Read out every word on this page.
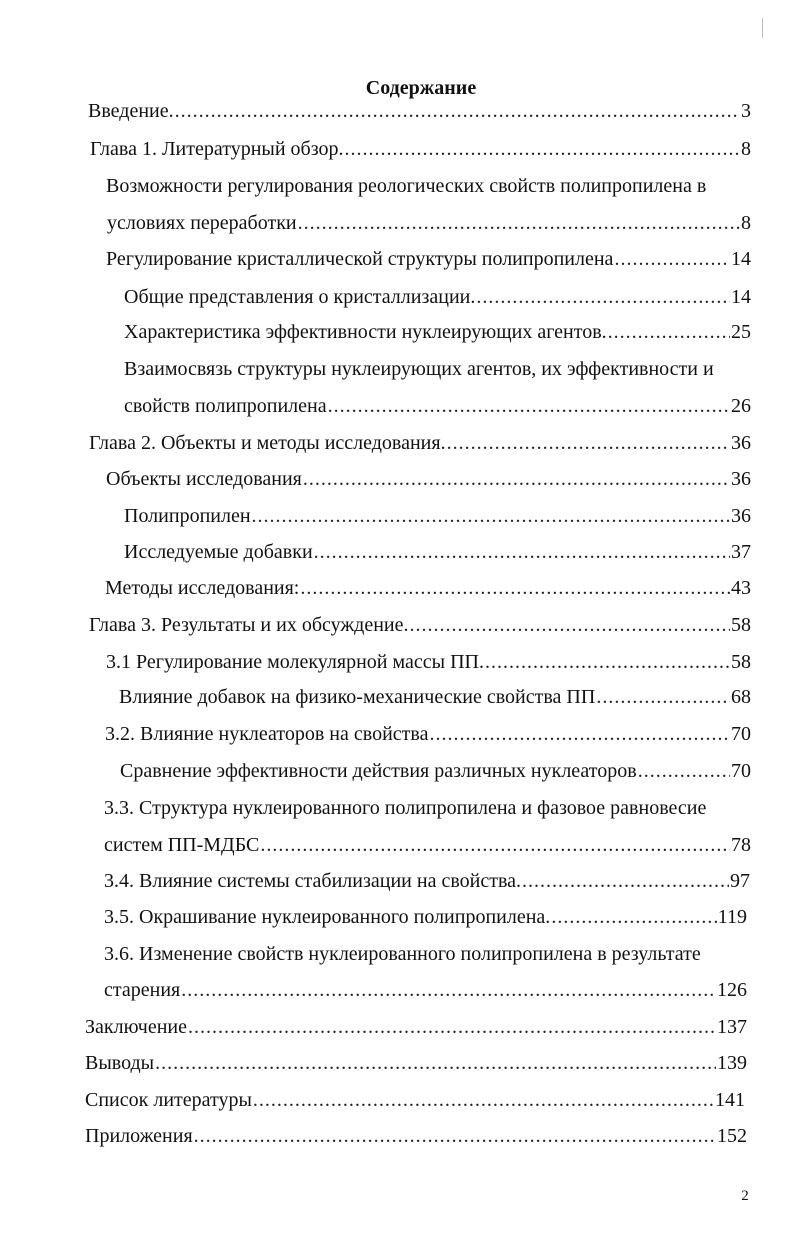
Содержание
Введение. .....	3
Глава 1. Литературный обзор. .....	8
Возможности регулирования реологических свойств полипропилена в
условиях переработки .....	8
Регулирование кристаллической структуры полипропилена .....	14
Общие представления о кристаллизации. .....	14
Характеристика эффективности нуклеирующих агентов. .....	25
Взаимосвязь структуры нуклеирующих агентов, их эффективности и
свойств полипропилена .....	26
Глава 2. Объекты и методы исследования. .....	36
Объекты исследования .....	36
Полипропилен .....	36
Исследуемые добавки .....	37
Методы исследования: .....	43
Глава 3. Результаты и их обсуждение. .....	58
3.1 Регулирование молекулярной массы ПП. .....	58
Влияние добавок на физико-механические свойства ПП .....	68
3.2. Влияние нуклеаторов на свойства .....	70
Сравнение эффективности действия различных нуклеаторов .....	70
3.3. Структура нуклеированного полипропилена и фазовое равновесие
систем ПП-МДБС .....	78
3.4. Влияние системы стабилизации на свойства. .....	97
3.5. Окрашивание нуклеированного полипропилена. .....	119
3.6. Изменение свойств нуклеированного полипропилена в результате
старения .....	126
Заключение .....	137
Выводы .....	139
Список литературы .....	141
Приложения .....	152
2
